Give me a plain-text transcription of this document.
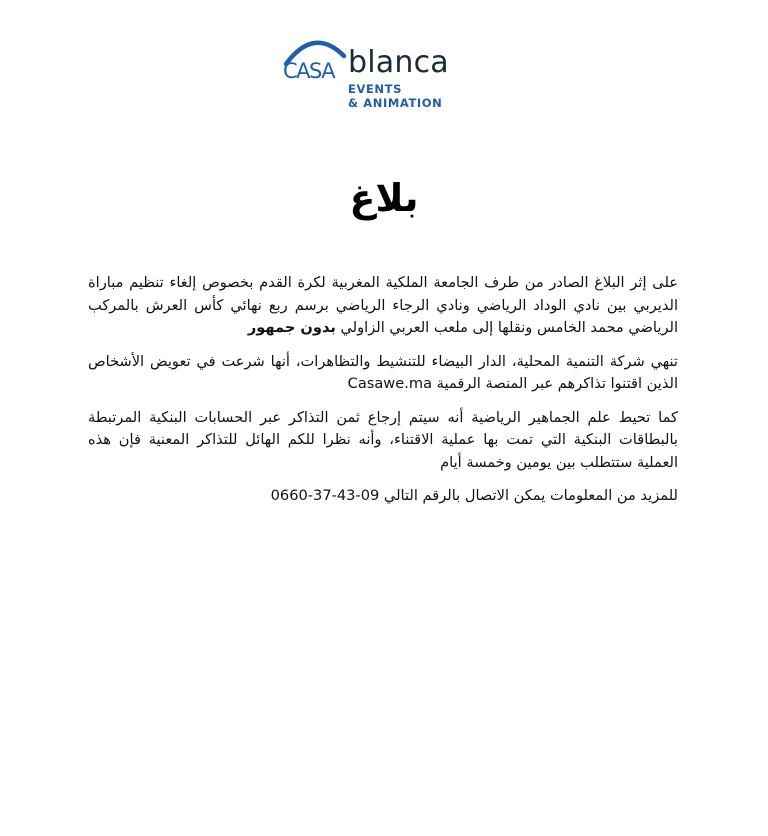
CASA blanca
EVENTS
& ANIMATION
بلاغ

على إثر البلاغ الصادر من طرف الجامعة الملكية المغربية لكرة القدم بخصوص إلغاء تنظيم مباراة الديربي بين نادي الوداد الرياضي ونادي الرجاء الرياضي برسم ربع نهائي كأس العرش بالمركب الرياضي محمد الخامس ونقلها إلى ملعب العربي الزاولي بدون جمهور

تنهي شركة التنمية المحلية، الدار البيضاء للتنشيط والتظاهرات، أنها شرعت في تعويض الأشخاص الذين اقتنوا تذاكرهم عبر المنصة الرقمية Casawe.ma

كما تحيط علم الجماهير الرياضية أنه سيتم إرجاع ثمن التذاكر عبر الحسابات البنكية المرتبطة بالبطاقات البنكية التي تمت بها عملية الاقتناء، وأنه نظرا للكم الهائل للتذاكر المعنية فإن هذه العملية ستتطلب بين يومين وخمسة أيام

للمزيد من المعلومات يمكن الاتصال بالرقم التالي 0660-37-43-09
